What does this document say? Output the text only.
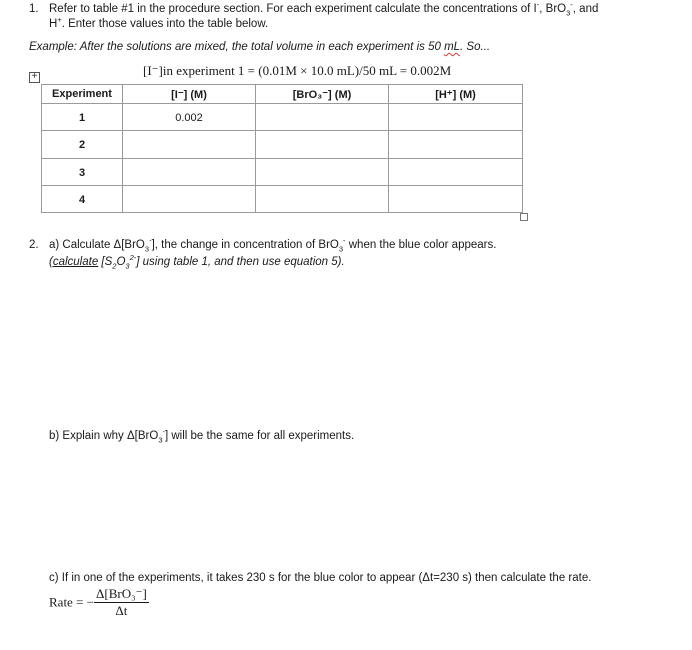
1. Refer to table #1 in the procedure section. For each experiment calculate the concentrations of I-, BrO$_3$-, and
H+. Enter those values into the table below.
Example: After the solutions are mixed, the total volume in each experiment is 50 mL. So...
[I⁻]in experiment 1 = (0.01M × 10.0 mL)/50 mL = 0.002M
+
Experiment	[I⁻] (M)	[BrO₃⁻] (M)	[H⁺] (M)
1	0.002		
2			
3			
4			
2. a) Calculate Δ[BrO$_3$-], the change in concentration of BrO$_3$- when the blue color appears.
(calculate $[S_2O_3^{2-}]$ using table 1, and then use equation 5).
b) Explain why Δ[BrO$_3$-] will be the same for all experiments.
c) If in one of the experiments, it takes 230 s for the blue color to appear (Δt=230 s) then calculate the rate.
Rate = − $\frac{\text{Δ[BrO₃⁻]}}{\Delta t}$
